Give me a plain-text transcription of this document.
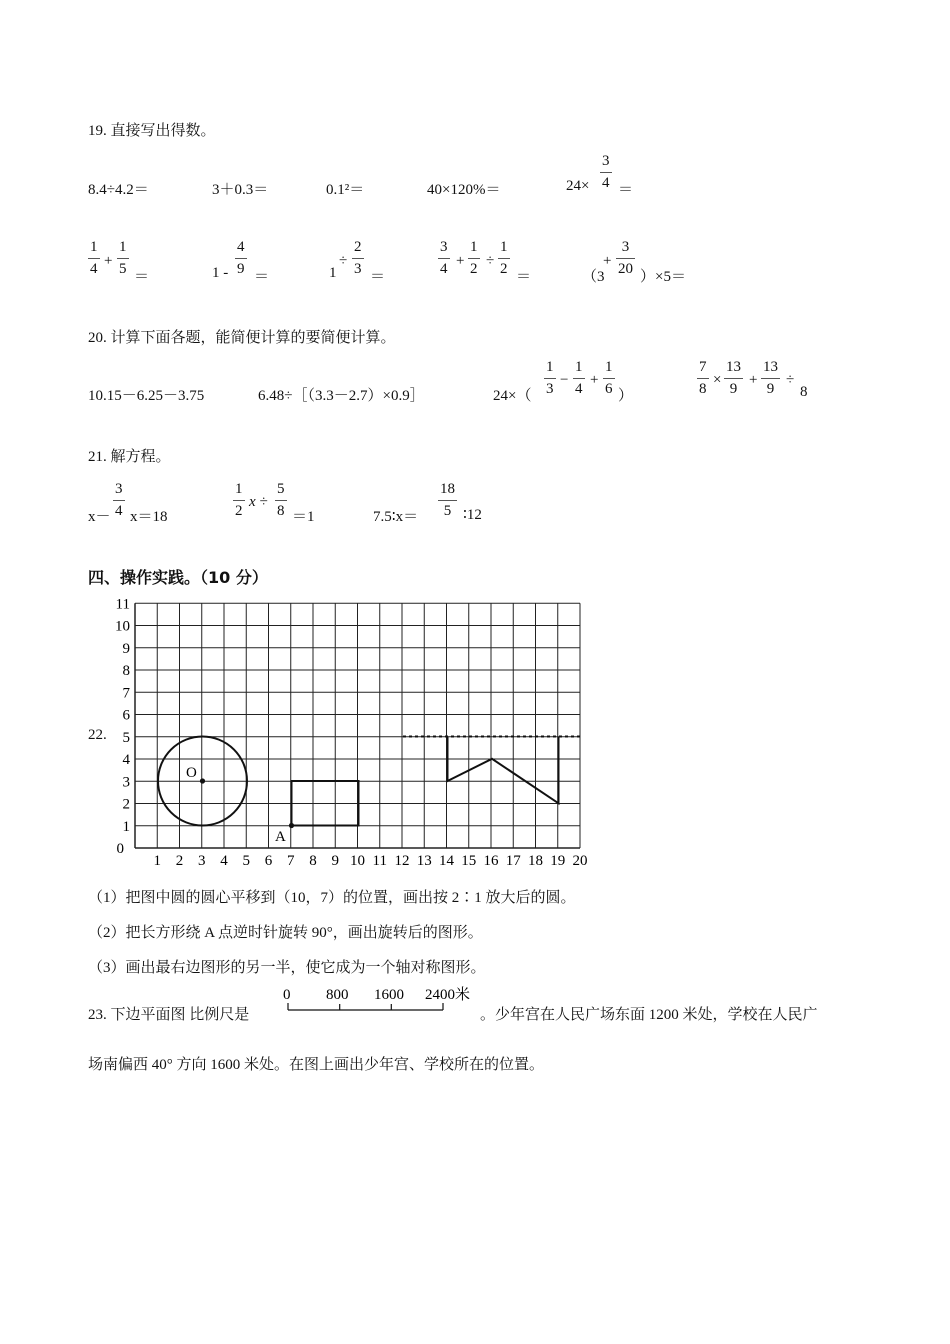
19. 直接写出得数。
8.4÷4.2＝	3＋0.3＝	0.1²＝	40×120%＝	24×
3
4 ＝
1
4 +
1
5 ＝	1 -
4
9 ＝	1
÷
2
3 ＝
3
4 +
1
2 ÷
1
2 ＝	（3
+
3
20 ）×5＝
20. 计算下面各题，能简便计算的要简便计算。
10.15－6.25－3.75	6.48÷［（3.3－2.7）×0.9］	24×（
1
3
−
1
4
+
1
6 ）
7
8
×
13
9
+
13
9
÷
8
21. 解方程。
x－
3
4 x＝18
1
2
x ÷
5
8 ＝1	7.5∶x＝
18
5 ∶12
四、操作实践。（10 分）
22.
0
1
2
3
4
5
6
7
8
9
10
11
1 2 3 4 5 6 7 8 9 10 11 12 13 14 15 16 17 18 19 20
O
A
（1）把图中圆的圆心平移到（10，7）的位置，画出按 2∶1 放大后的圆。
（2）把长方形绕 A 点逆时针旋转 90°，画出旋转后的图形。
（3）画出最右边图形的另一半，使它成为一个轴对称图形。
23. 下边平面图 比例尺是
0 800 1600 2400米
。少年宫在人民广场东面 1200 米处，学校在人民广
场南偏西 40° 方向 1600 米处。在图上画出少年宫、学校所在的位置。
